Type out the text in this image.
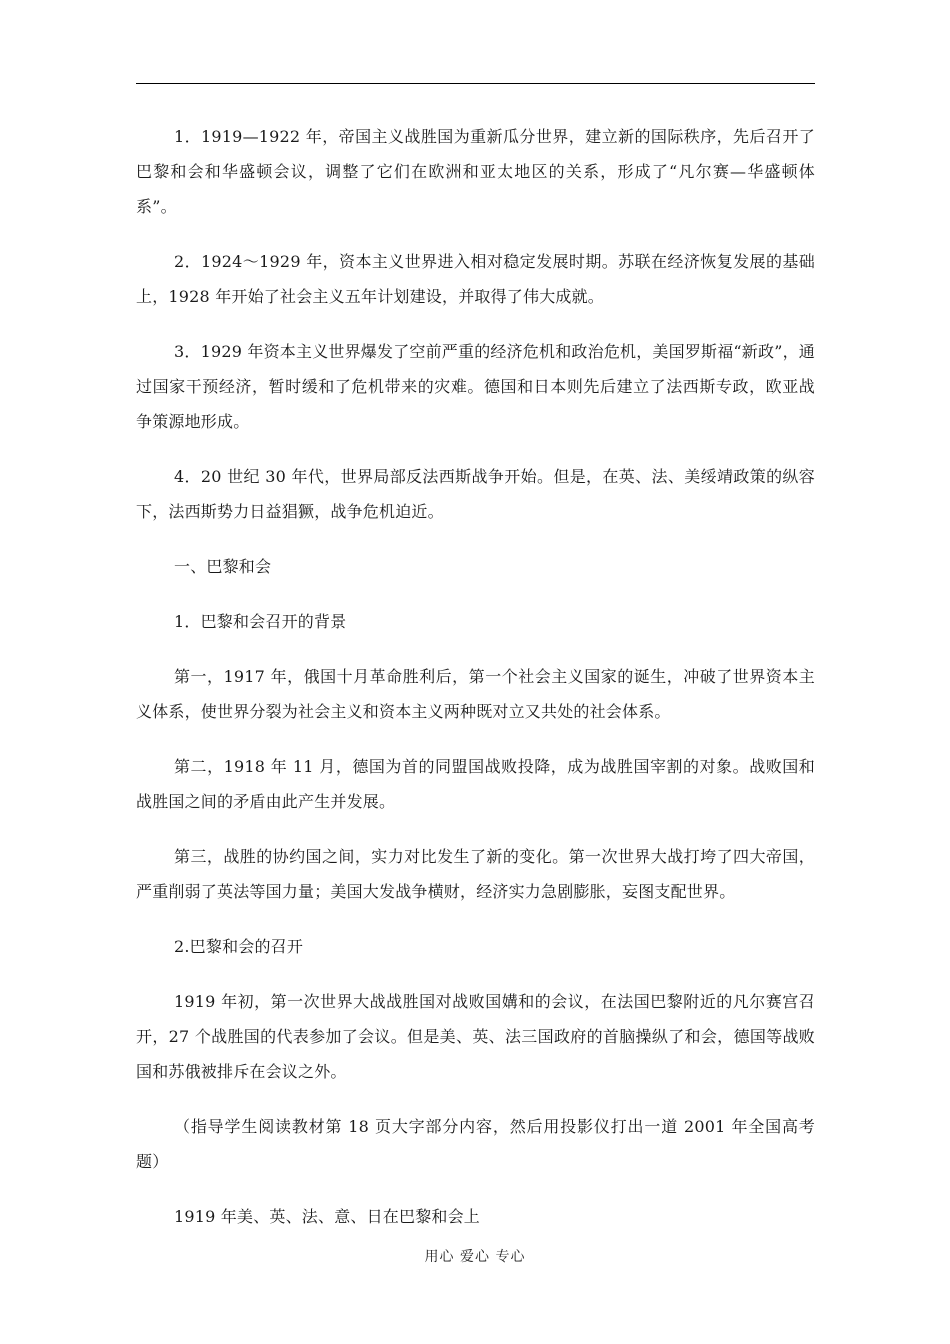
1．1919—1922 年，帝国主义战胜国为重新瓜分世界，建立新的国际秩序，先后召开了巴黎和会和华盛顿会议，调整了它们在欧洲和亚太地区的关系，形成了“凡尔赛—华盛顿体系”。

2．1924～1929 年，资本主义世界进入相对稳定发展时期。苏联在经济恢复发展的基础上，1928 年开始了社会主义五年计划建设，并取得了伟大成就。

3．1929 年资本主义世界爆发了空前严重的经济危机和政治危机，美国罗斯福“新政”，通过国家干预经济，暂时缓和了危机带来的灾难。德国和日本则先后建立了法西斯专政，欧亚战争策源地形成。

4．20 世纪 30 年代，世界局部反法西斯战争开始。但是，在英、法、美绥靖政策的纵容下，法西斯势力日益猖獗，战争危机迫近。

一、巴黎和会

1．巴黎和会召开的背景

第一，1917 年，俄国十月革命胜利后，第一个社会主义国家的诞生，冲破了世界资本主义体系，使世界分裂为社会主义和资本主义两种既对立又共处的社会体系。

第二，1918 年 11 月，德国为首的同盟国战败投降，成为战胜国宰割的对象。战败国和战胜国之间的矛盾由此产生并发展。

第三，战胜的协约国之间，实力对比发生了新的变化。第一次世界大战打垮了四大帝国，严重削弱了英法等国力量；美国大发战争横财，经济实力急剧膨胀，妄图支配世界。

2.巴黎和会的召开

1919 年初，第一次世界大战战胜国对战败国媾和的会议，在法国巴黎附近的凡尔赛宫召开，27 个战胜国的代表参加了会议。但是美、英、法三国政府的首脑操纵了和会，德国等战败国和苏俄被排斥在会议之外。

（指导学生阅读教材第 18 页大字部分内容，然后用投影仪打出一道 2001 年全国高考题）

1919 年美、英、法、意、日在巴黎和会上

用心 爱心 专心
